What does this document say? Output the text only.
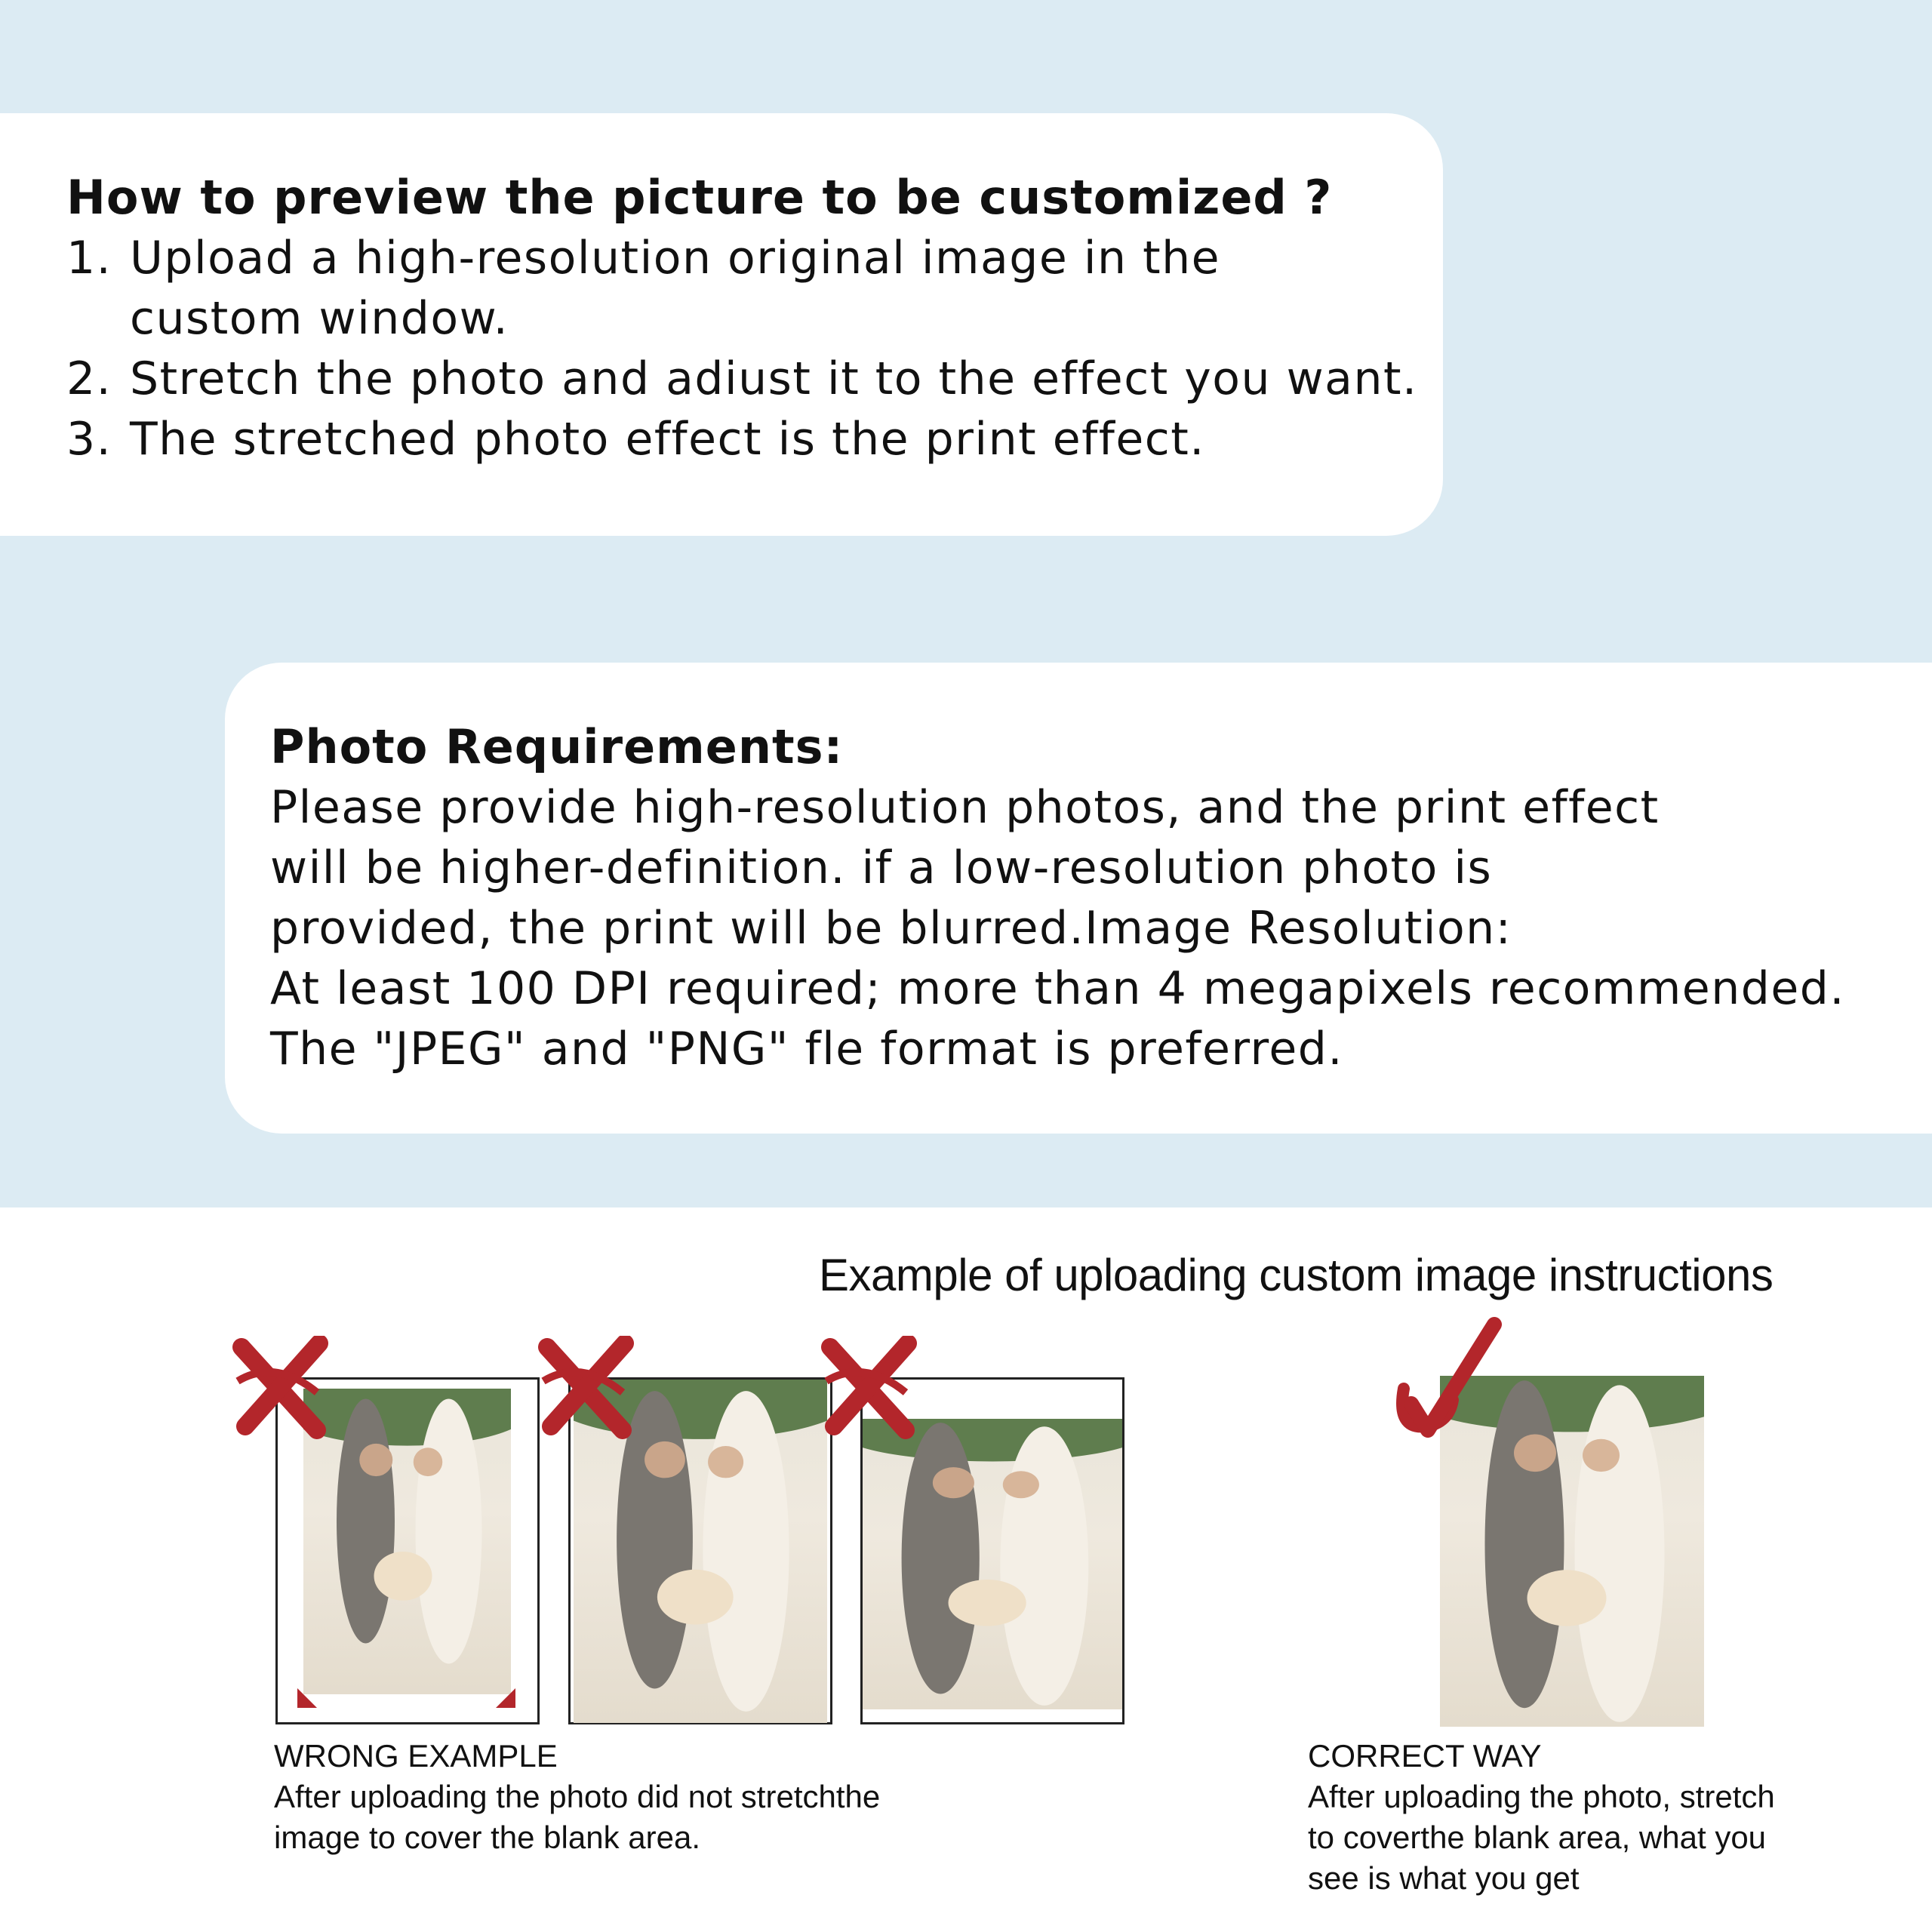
How to preview the picture to be customized ?

1. Upload a high-resolution original image in the
custom window.
2. Stretch the photo and adiust it to the effect you want.
3. The stretched photo effect is the print effect.

Photo Requirements:

Please provide high-resolution photos, and the print effect

will be higher-definition. if a low-resolution photo is

provided, the print will be blurred.Image Resolution:

At least 100 DPI required; more than 4 megapixels recommended.

The "JPEG" and "PNG" fle format is preferred.

Example of uploading custom image instructions
WRONG EXAMPLE
After uploading the photo did not stretchthe
image to cover the blank area.
CORRECT WAY
After uploading the photo, stretch
to coverthe blank area, what you
see is what you get
